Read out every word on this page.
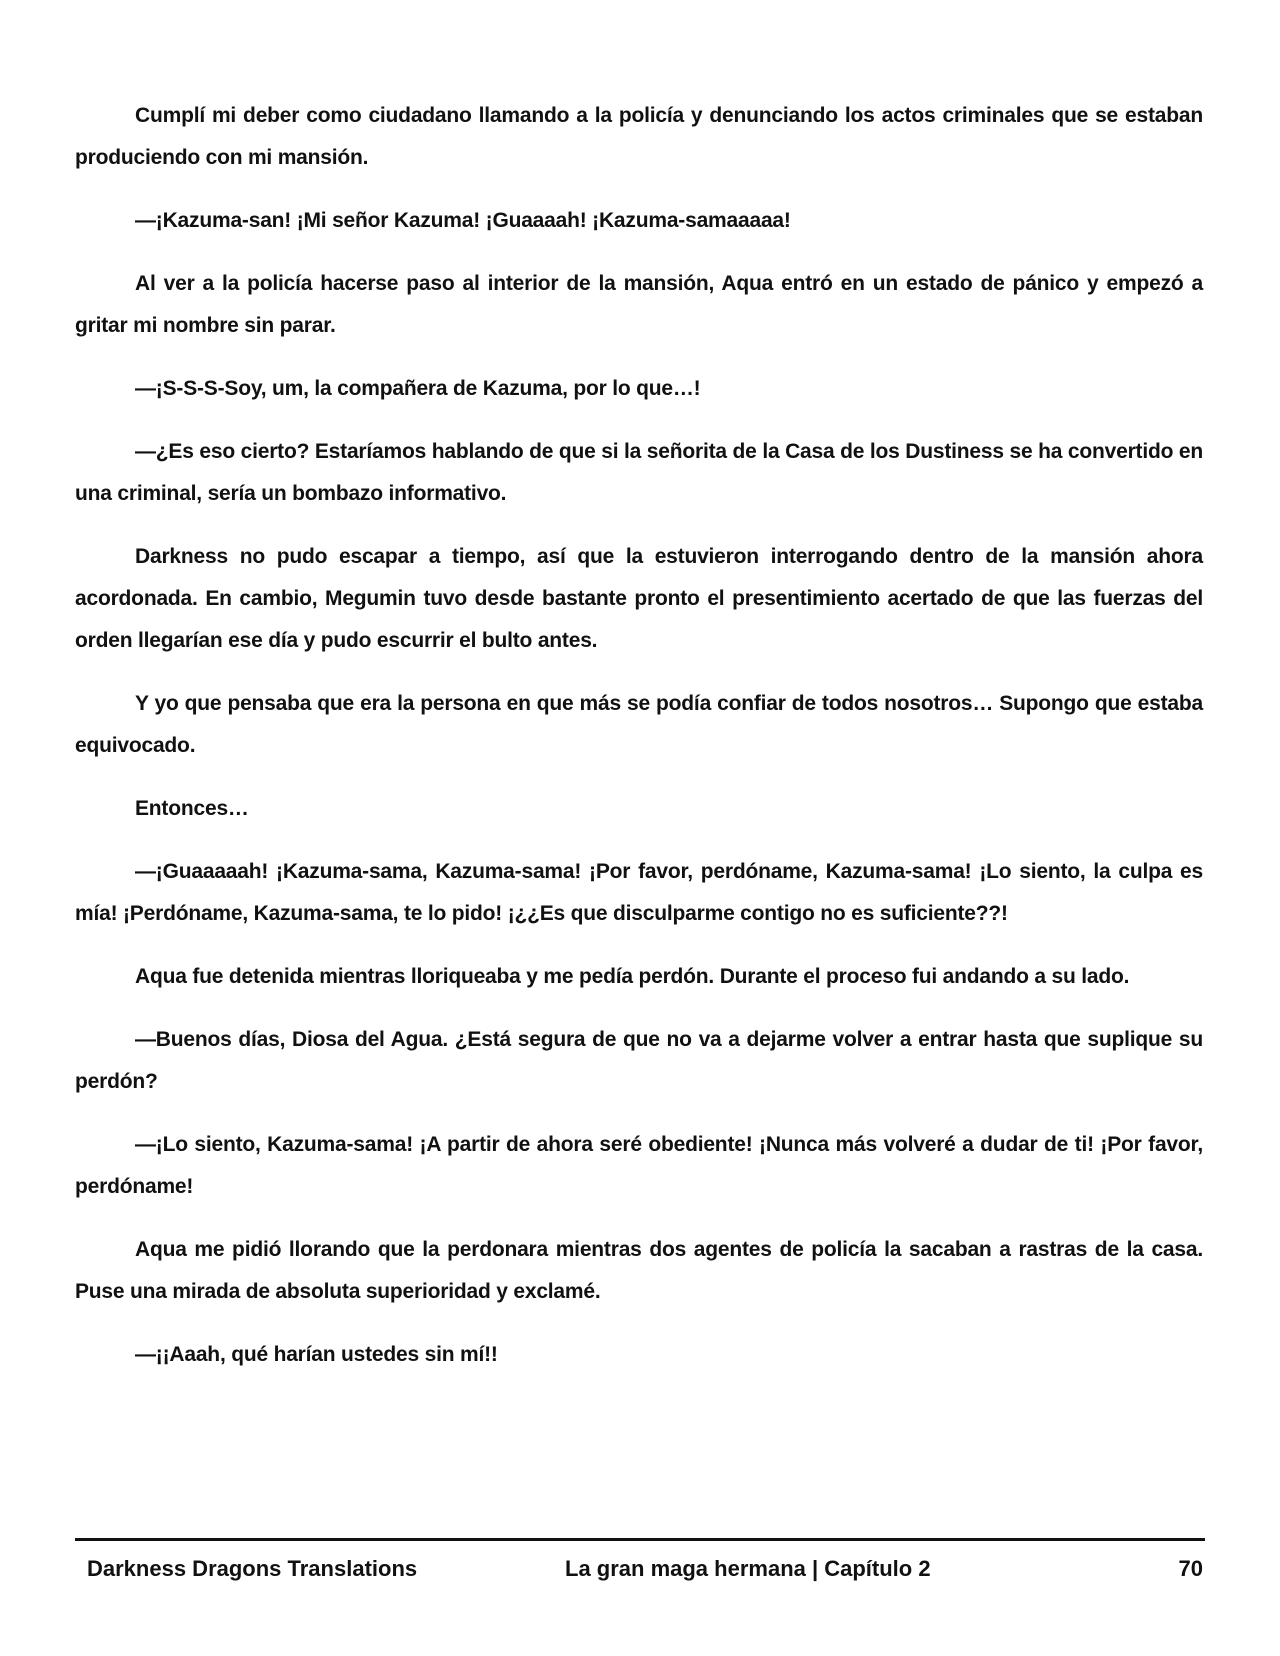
Cumplí mi deber como ciudadano llamando a la policía y denunciando los actos criminales que se estaban produciendo con mi mansión.

—¡Kazuma-san! ¡Mi señor Kazuma! ¡Guaaaah! ¡Kazuma-samaaaaa!

Al ver a la policía hacerse paso al interior de la mansión, Aqua entró en un estado de pánico y empezó a gritar mi nombre sin parar.

—¡S-S-S-Soy, um, la compañera de Kazuma, por lo que…!

—¿Es eso cierto? Estaríamos hablando de que si la señorita de la Casa de los Dustiness se ha convertido en una criminal, sería un bombazo informativo.

Darkness no pudo escapar a tiempo, así que la estuvieron interrogando dentro de la mansión ahora acordonada. En cambio, Megumin tuvo desde bastante pronto el presentimiento acertado de que las fuerzas del orden llegarían ese día y pudo escurrir el bulto antes.

Y yo que pensaba que era la persona en que más se podía confiar de todos nosotros… Supongo que estaba equivocado.

Entonces…

—¡Guaaaaah! ¡Kazuma-sama, Kazuma-sama! ¡Por favor, perdóname, Kazuma-sama! ¡Lo siento, la culpa es mía! ¡Perdóname, Kazuma-sama, te lo pido! ¡¿¿Es que disculparme contigo no es suficiente??!

Aqua fue detenida mientras lloriqueaba y me pedía perdón. Durante el proceso fui andando a su lado.

—Buenos días, Diosa del Agua. ¿Está segura de que no va a dejarme volver a entrar hasta que suplique su perdón?

—¡Lo siento, Kazuma-sama! ¡A partir de ahora seré obediente! ¡Nunca más volveré a dudar de ti! ¡Por favor, perdóname!

Aqua me pidió llorando que la perdonara mientras dos agentes de policía la sacaban a rastras de la casa. Puse una mirada de absoluta superioridad y exclamé.

—¡¡Aaah, qué harían ustedes sin mí!!

Darkness Dragons Translations	La gran maga hermana | Capítulo 2	70
